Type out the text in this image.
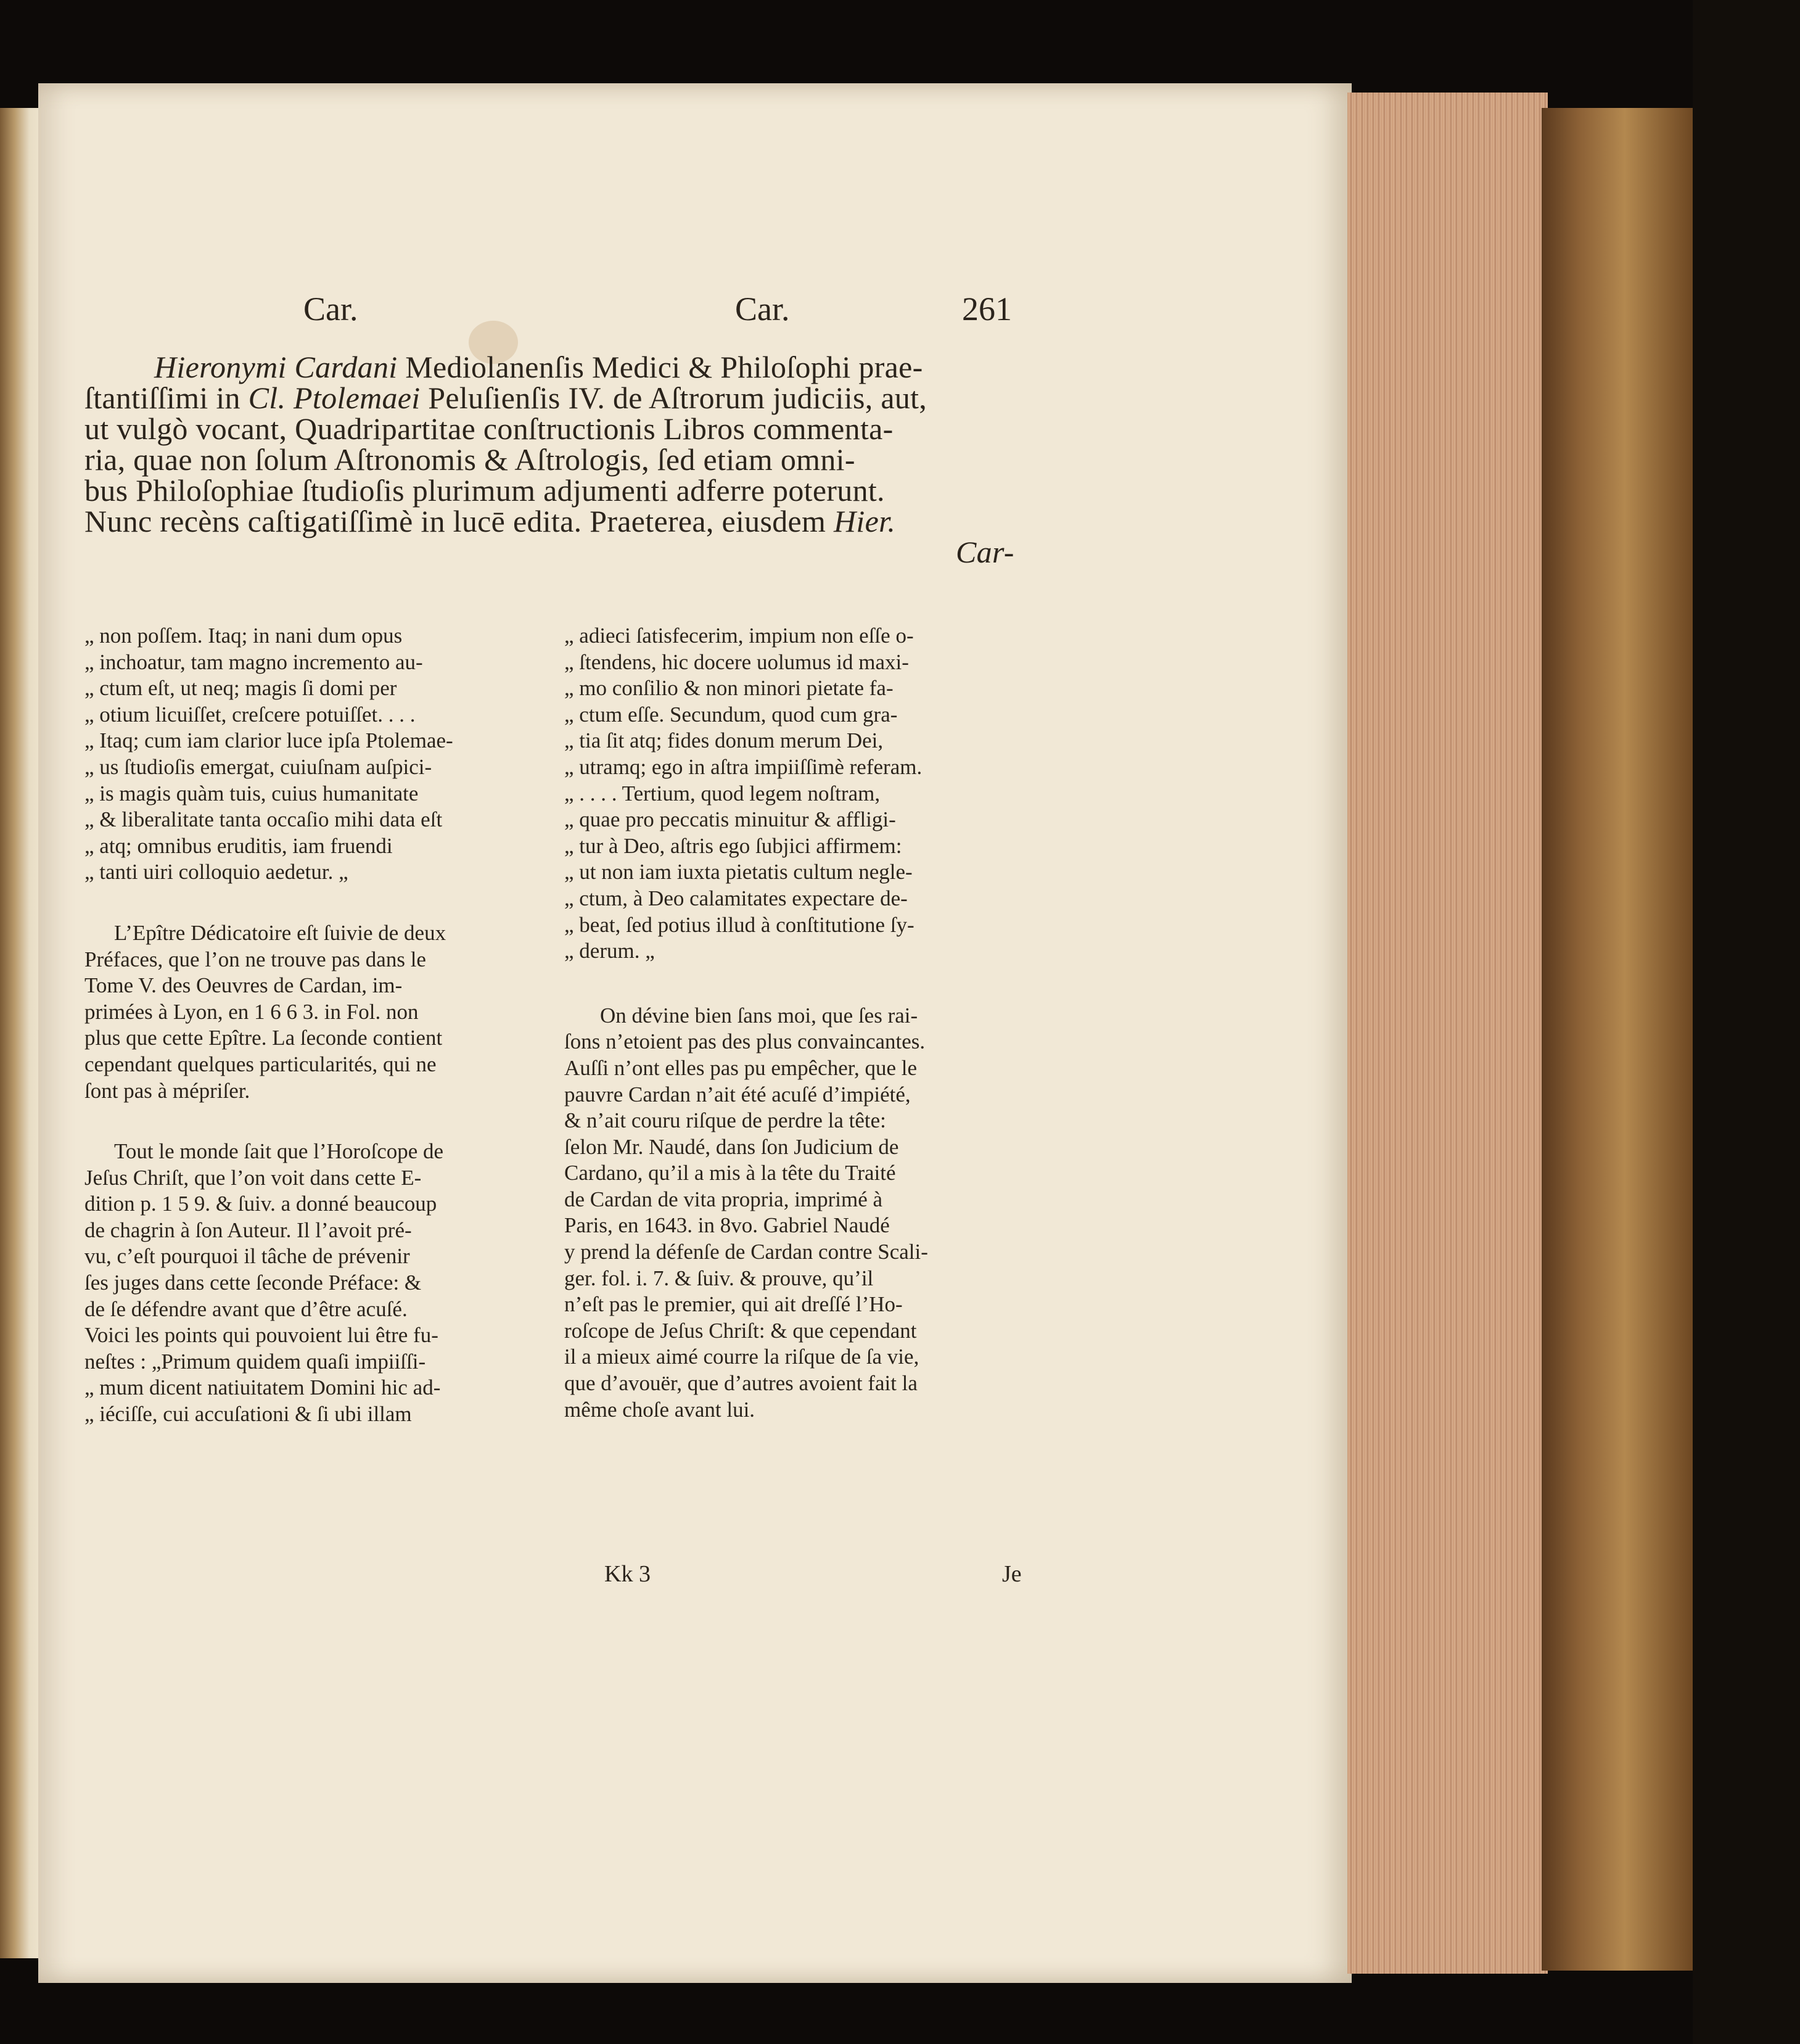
Car.	Car.	261
Hieronymi Cardani Mediolanenſis Medici & Philoſophi prae-
ſtantiſſimi in Cl. Ptolemaei Peluſienſis IV. de Aſtrorum judiciis, aut,
ut vulgò vocant, Quadripartitae conſtructionis Libros commenta-
ria, quae non ſolum Aſtronomis & Aſtrologis, ſed etiam omni-
bus Philoſophiae ſtudioſis plurimum adjumenti adferre poterunt.
Nunc recèns caſtigatiſſimè in lucē edita. Praeterea, eiusdem Hier.
Car-
„ non poſſem. Itaq; in nani dum opus
„ inchoatur, tam magno incremento au-
„ ctum eſt, ut neq; magis ſi domi per
„ otium licuiſſet, creſcere potuiſſet. . . .
„ Itaq; cum iam clarior luce ipſa Ptolemae-
„ us ſtudioſis emergat, cuiuſnam auſpici-
„ is magis quàm tuis, cuius humanitate
„ & liberalitate tanta occaſio mihi data eſt
„ atq; omnibus eruditis, iam fruendi
„ tanti uiri colloquio aedetur. „
L’Epître Dédicatoire eſt ſuivie de deux
Préfaces, que l’on ne trouve pas dans le
Tome V. des Oeuvres de Cardan, im-
primées à Lyon, en 1 6 6 3. in Fol. non
plus que cette Epître. La ſeconde contient
cependant quelques particularités, qui ne
ſont pas à mépriſer.
Tout le monde ſait que l’Horoſcope de
Jeſus Chriſt, que l’on voit dans cette E-
dition p. 1 5 9. & ſuiv. a donné beaucoup
de chagrin à ſon Auteur. Il l’avoit pré-
vu, c’eſt pourquoi il tâche de prévenir
ſes juges dans cette ſeconde Préface: &
de ſe défendre avant que d’être acuſé.
Voici les points qui pouvoient lui être fu-
neſtes : „Primum quidem quaſi impiiſſi-
„ mum dicent natiuitatem Domini hic ad-
„ iéciſſe, cui accuſationi & ſi ubi illam
„ adieci ſatisfecerim, impium non eſſe o-
„ ſtendens, hic docere uolumus id maxi-
„ mo conſilio & non minori pietate fa-
„ ctum eſſe. Secundum, quod cum gra-
„ tia ſit atq; fides donum merum Dei,
„ utramq; ego in aſtra impiiſſimè referam.
„ . . . . Tertium, quod legem noſtram,
„ quae pro peccatis minuitur & affligi-
„ tur à Deo, aſtris ego ſubjici affirmem:
„ ut non iam iuxta pietatis cultum negle-
„ ctum, à Deo calamitates expectare de-
„ beat, ſed potius illud à conſtitutione ſy-
„ derum. „
On dévine bien ſans moi, que ſes rai-
ſons n’etoient pas des plus convaincantes.
Auſſi n’ont elles pas pu empêcher, que le
pauvre Cardan n’ait été acuſé d’impiété,
& n’ait couru riſque de perdre la tête:
ſelon Mr. Naudé, dans ſon Judicium de
Cardano, qu’il a mis à la tête du Traité
de Cardan de vita propria, imprimé à
Paris, en 1643. in 8vo. Gabriel Naudé
y prend la défenſe de Cardan contre Scali-
ger. fol. i. 7. & ſuiv. & prouve, qu’il
n’eſt pas le premier, qui ait dreſſé l’Ho-
roſcope de Jeſus Chriſt: & que cependant
il a mieux aimé courre la riſque de ſa vie,
que d’avouër, que d’autres avoient fait la
même choſe avant lui.
Kk 3	Je
